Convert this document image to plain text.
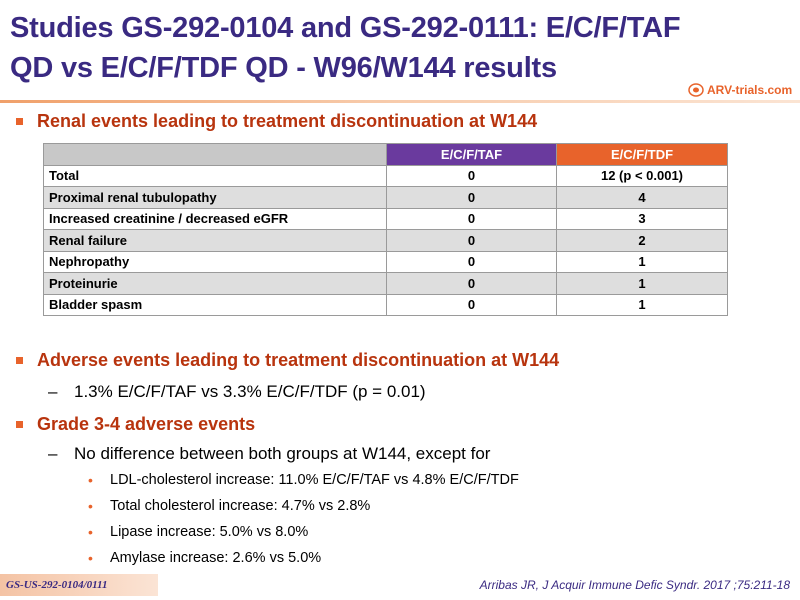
Studies GS-292-0104 and GS-292-0111: E/C/F/TAF
QD vs E/C/F/TDF QD - W96/W144 results
ARV-trials.com
Renal events leading to treatment discontinuation at W144
	E/C/F/TAF	E/C/F/TDF
Total	0	12 (p < 0.001)
Proximal renal tubulopathy	0	4
Increased creatinine / decreased eGFR	0	3
Renal failure	0	2
Nephropathy	0	1
Proteinurie	0	1
Bladder spasm	0	1
Adverse events leading to treatment discontinuation at W144
– 1.3% E/C/F/TAF vs 3.3% E/C/F/TDF (p = 0.01)
Grade 3-4 adverse events
– No difference between both groups at W144, except for
•	LDL-cholesterol increase: 11.0% E/C/F/TAF vs 4.8% E/C/F/TDF
•	Total cholesterol increase: 4.7% vs 2.8%
•	Lipase increase: 5.0% vs 8.0%
•	Amylase increase: 2.6% vs 5.0%
GS-US-292-0104/0111	Arribas JR, J Acquir Immune Defic Syndr. 2017 ;75:211-18
